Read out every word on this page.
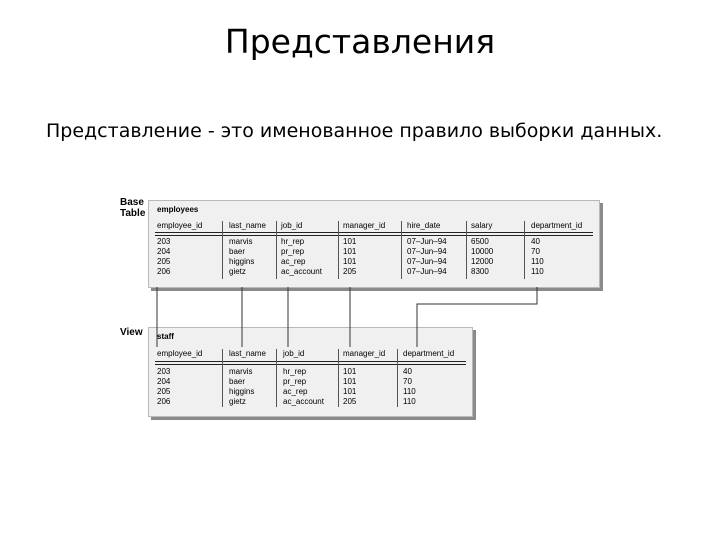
Представления
Представление - это именованное правило выборки данных.
Base
Table
View
employees
employee_id	last_name job_id	manager_id	hire_date	salary	department_id
203	marvis	hr_rep	101	07–Jun–94	6500	40
204	baer	pr_rep	101	07–Jun–94	10000	70
205	higgins	ac_rep	101	07–Jun–94	12000	110
206	gietz	ac_account	205	07–Jun–94	8300	110
staff
employee_id	last_name job_id	manager_id department_id
203	marvis	hr_rep	101	40
204	baer	pr_rep	101	70
205	higgins	ac_rep	101	110
206	gietz	ac_account 205	110
